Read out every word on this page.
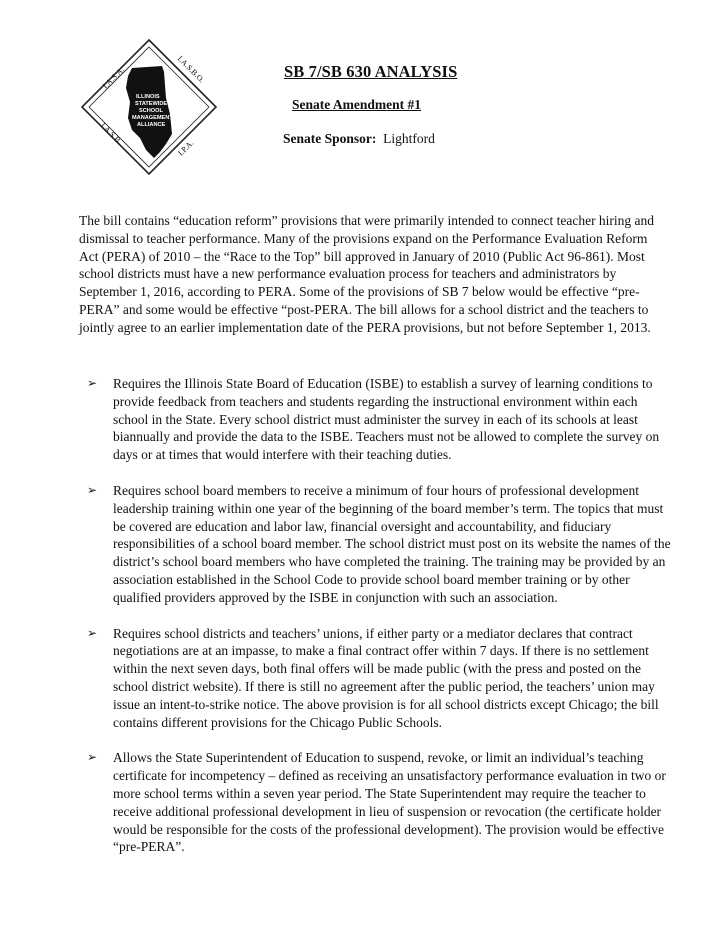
I.A.S.A.	I.A.S.B.O.
I.A.S.B.
I.P.A.
ILLINOIS
STATEWIDE
SCHOOL
MANAGEMENT
ALLIANCE
SB 7/SB 630 ANALYSIS
Senate Amendment #1
Senate Sponsor: Lightford

The bill contains “education reform” provisions that were primarily intended to connect teacher hiring and dismissal to teacher performance. Many of the provisions expand on the Performance Evaluation Reform Act (PERA) of 2010 – the “Race to the Top” bill approved in January of 2010 (Public Act 96-861). Most school districts must have a new performance evaluation process for teachers and administrators by September 1, 2016, according to PERA. Some of the provisions of SB 7 below would be effective “pre-PERA” and some would be effective “post-PERA. The bill allows for a school district and the teachers to jointly agree to an earlier implementation date of the PERA provisions, but not before September 1, 2013.

➢ Requires the Illinois State Board of Education (ISBE) to establish a survey of learning conditions to provide feedback from teachers and students regarding the instructional environment within each school in the State. Every school district must administer the survey in each of its schools at least biannually and provide the data to the ISBE. Teachers must not be allowed to complete the survey on days or at times that would interfere with their teaching duties.
➢ Requires school board members to receive a minimum of four hours of professional development leadership training within one year of the beginning of the board member’s term. The topics that must be covered are education and labor law, financial oversight and accountability, and fiduciary responsibilities of a school board member. The school district must post on its website the names of the district’s school board members who have completed the training. The training may be provided by an association established in the School Code to provide school board member training or by other qualified providers approved by the ISBE in conjunction with such an association.
➢ Requires school districts and teachers’ unions, if either party or a mediator declares that contract negotiations are at an impasse, to make a final contract offer within 7 days. If there is no settlement within the next seven days, both final offers will be made public (with the press and posted on the school district website). If there is still no agreement after the public period, the teachers’ union may issue an intent-to-strike notice. The above provision is for all school districts except Chicago; the bill contains different provisions for the Chicago Public Schools.
➢ Allows the State Superintendent of Education to suspend, revoke, or limit an individual’s teaching certificate for incompetency – defined as receiving an unsatisfactory performance evaluation in two or more school terms within a seven year period. The State Superintendent may require the teacher to receive additional professional development in lieu of suspension or revocation (the certificate holder would be responsible for the costs of the professional development). The provision would be effective “pre-PERA”.
